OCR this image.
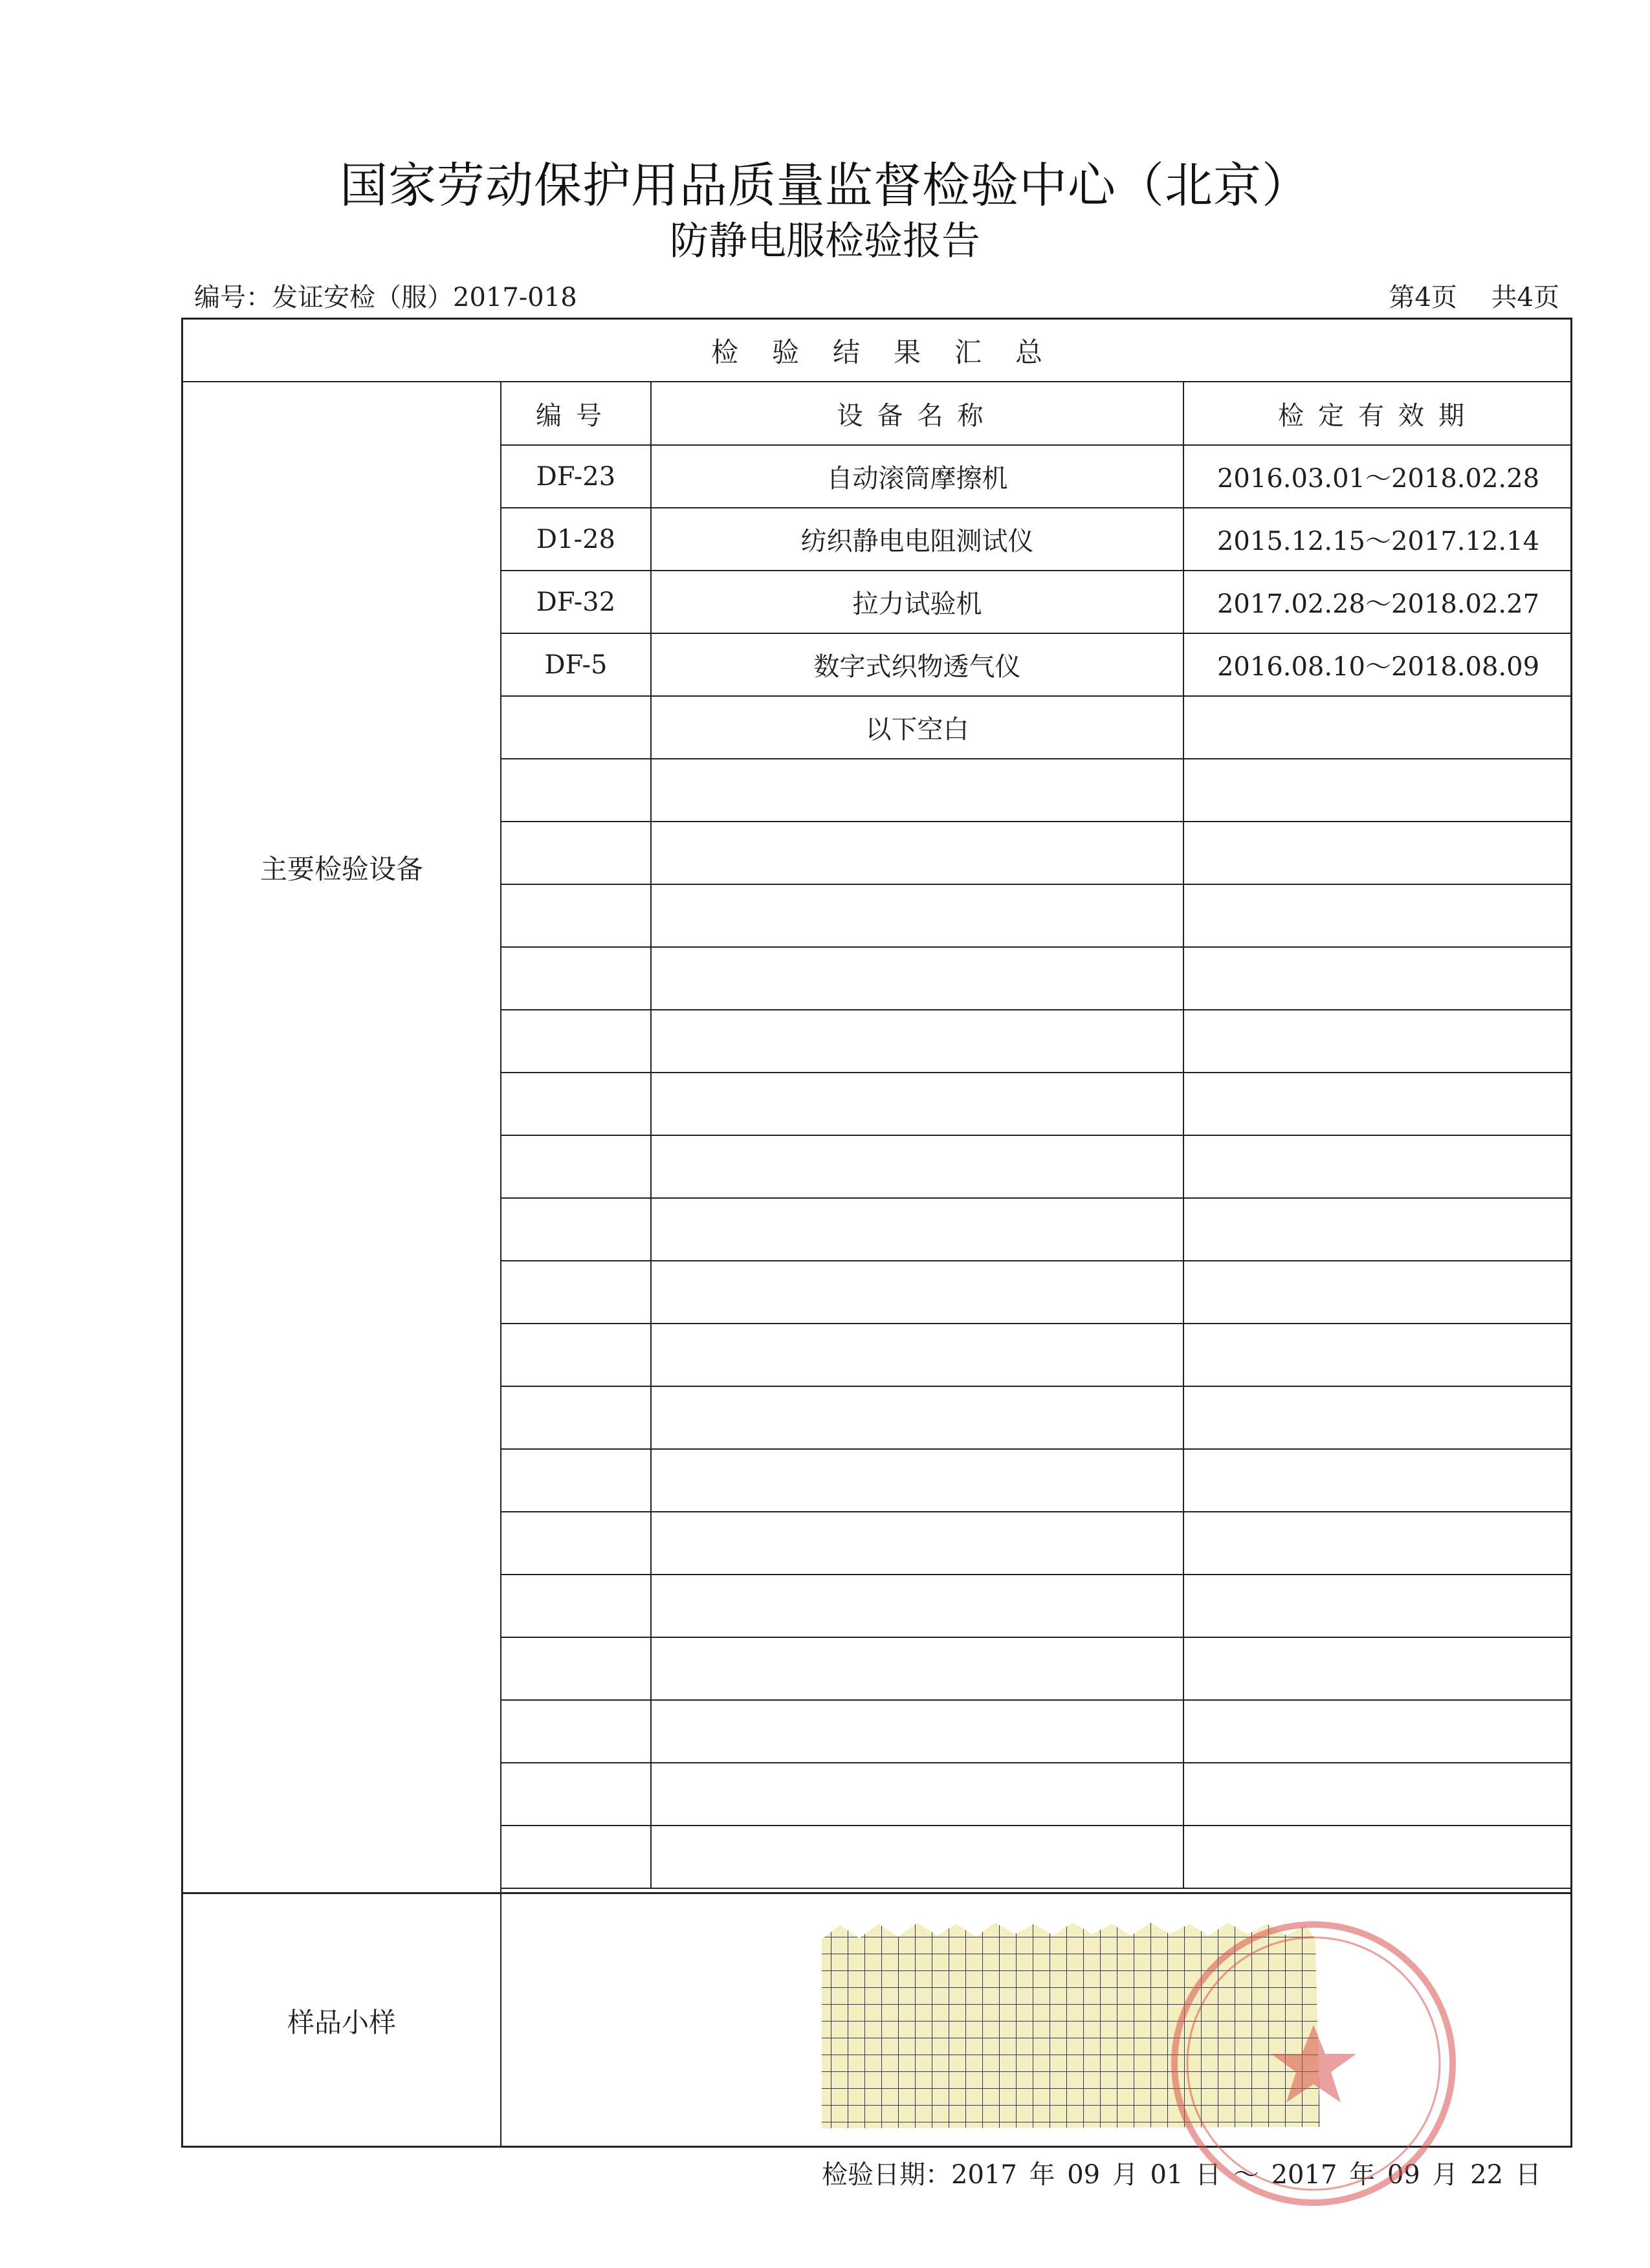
国家劳动保护用品质量监督检验中心（北京）
防静电服检验报告
编号：发证安检（服）2017-018	第4页 共4页
检验结果汇总
主要检验设备
编号	设备名称	检定有效期
DF-23	自动滚筒摩擦机	2016.03.01～2018.02.28
D1-28	纺织静电电阻测试仪	2015.12.15～2017.12.14
DF-32	拉力试验机	2017.02.28～2018.02.27
DF-5	数字式织物透气仪	2016.08.10～2018.08.09
	以下空白	

样品小样
检验日期：2017 年 09 月 01 日 ～ 2017 年 09 月 22 日
